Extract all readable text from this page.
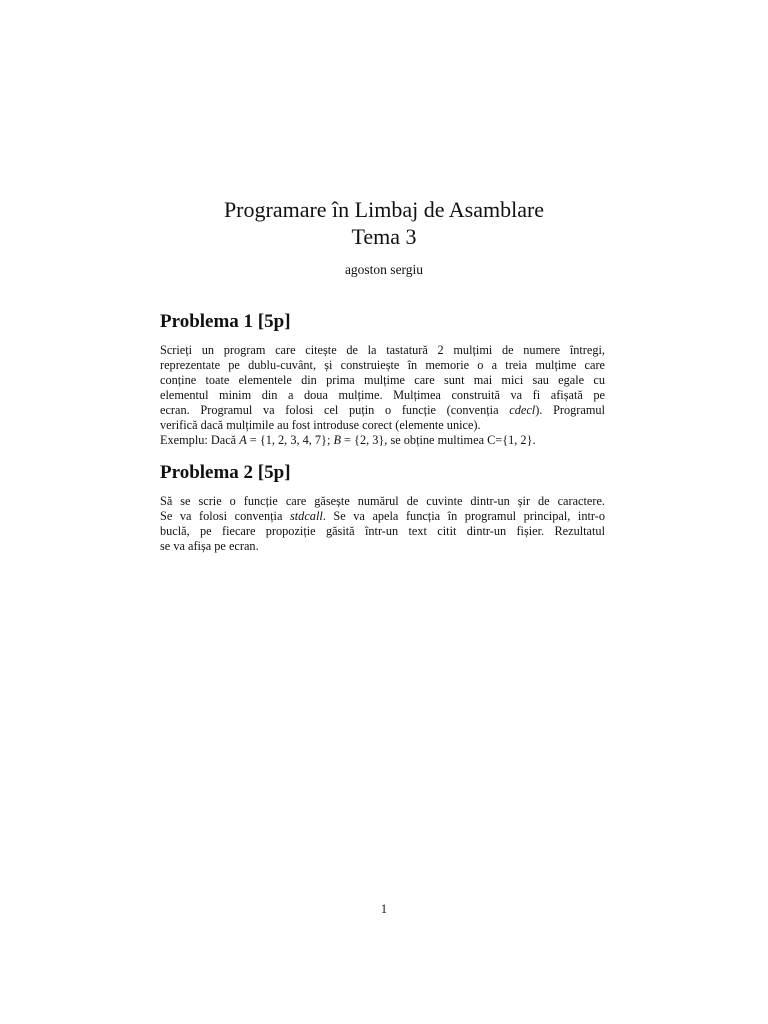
Programare în Limbaj de Asamblare
Tema 3
agoston sergiu
Problema 1 [5p]
Scrieți un program care citește de la tastatură 2 mulțimi de numere întregi,
reprezentate pe dublu-cuvânt, și construiește în memorie o a treia mulțime care
conține toate elementele din prima mulțime care sunt mai mici sau egale cu
elementul minim din a doua mulțime. Mulțimea construită va fi afișată pe
ecran. Programul va folosi cel puțin o funcție (convenția cdecl). Programul
verifică dacă mulțimile au fost introduse corect (elemente unice).
Exemplu: Dacă A = {1, 2, 3, 4, 7}; B = {2, 3}, se obține multimea C={1, 2}.
Problema 2 [5p]
Să se scrie o funcție care găsește numărul de cuvinte dintr-un șir de caractere.
Se va folosi convenția stdcall. Se va apela funcția în programul principal, intr-o
buclă, pe fiecare propoziție găsită într-un text citit dintr-un fișier. Rezultatul
se va afișa pe ecran.
1
